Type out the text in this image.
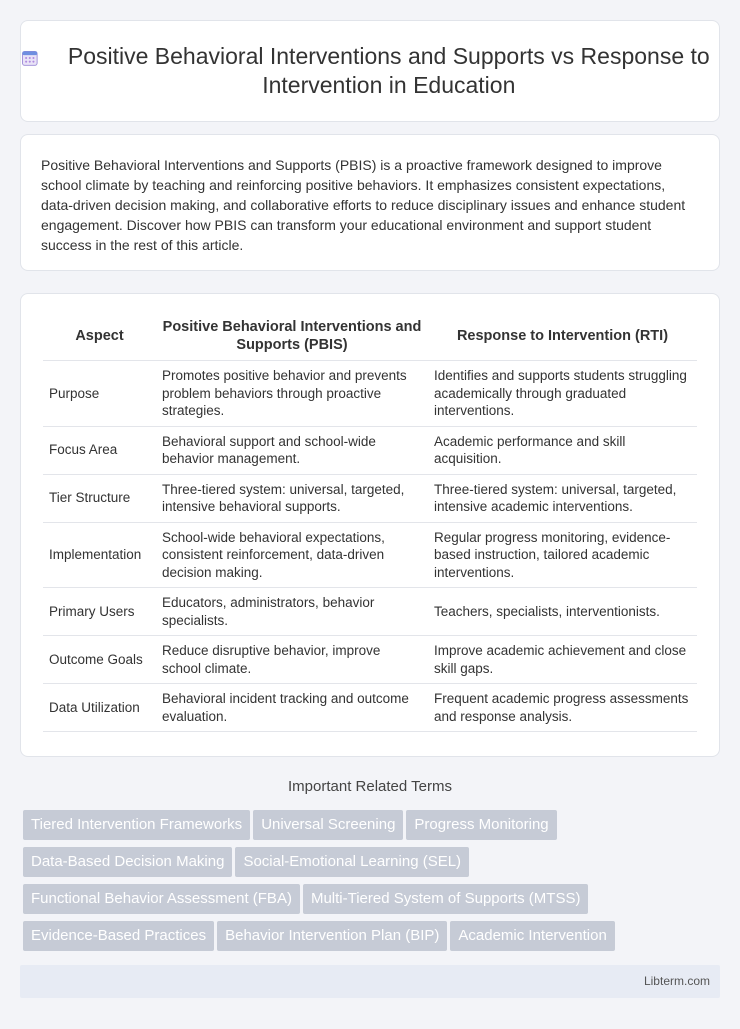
Positive Behavioral Interventions and Supports vs Response to Intervention in Education

Positive Behavioral Interventions and Supports (PBIS) is a proactive framework designed to improve school climate by teaching and reinforcing positive behaviors. It emphasizes consistent expectations, data-driven decision making, and collaborative efforts to reduce disciplinary issues and enhance student engagement. Discover how PBIS can transform your educational environment and support student success in the rest of this article.

Aspect	Positive Behavioral Interventions and Supports (PBIS)	Response to Intervention (RTI)
Purpose	Promotes positive behavior and prevents problem behaviors through proactive strategies.	Identifies and supports students struggling academically through graduated interventions.
Focus Area	Behavioral support and school-wide behavior management.	Academic performance and skill acquisition.
Tier Structure	Three-tiered system: universal, targeted, intensive behavioral supports.	Three-tiered system: universal, targeted, intensive academic interventions.
Implementation	School-wide behavioral expectations, consistent reinforcement, data-driven decision making.	Regular progress monitoring, evidence-based instruction, tailored academic interventions.
Primary Users	Educators, administrators, behavior specialists.	Teachers, specialists, interventionists.
Outcome Goals	Reduce disruptive behavior, improve school climate.	Improve academic achievement and close skill gaps.
Data Utilization	Behavioral incident tracking and outcome evaluation.	Frequent academic progress assessments and response analysis.
Important Related Terms
Tiered Intervention Frameworks Universal Screening Progress Monitoring
Data-Based Decision Making Social-Emotional Learning (SEL)
Functional Behavior Assessment (FBA) Multi-Tiered System of Supports (MTSS)
Evidence-Based Practices Behavior Intervention Plan (BIP) Academic Intervention
Libterm.com
